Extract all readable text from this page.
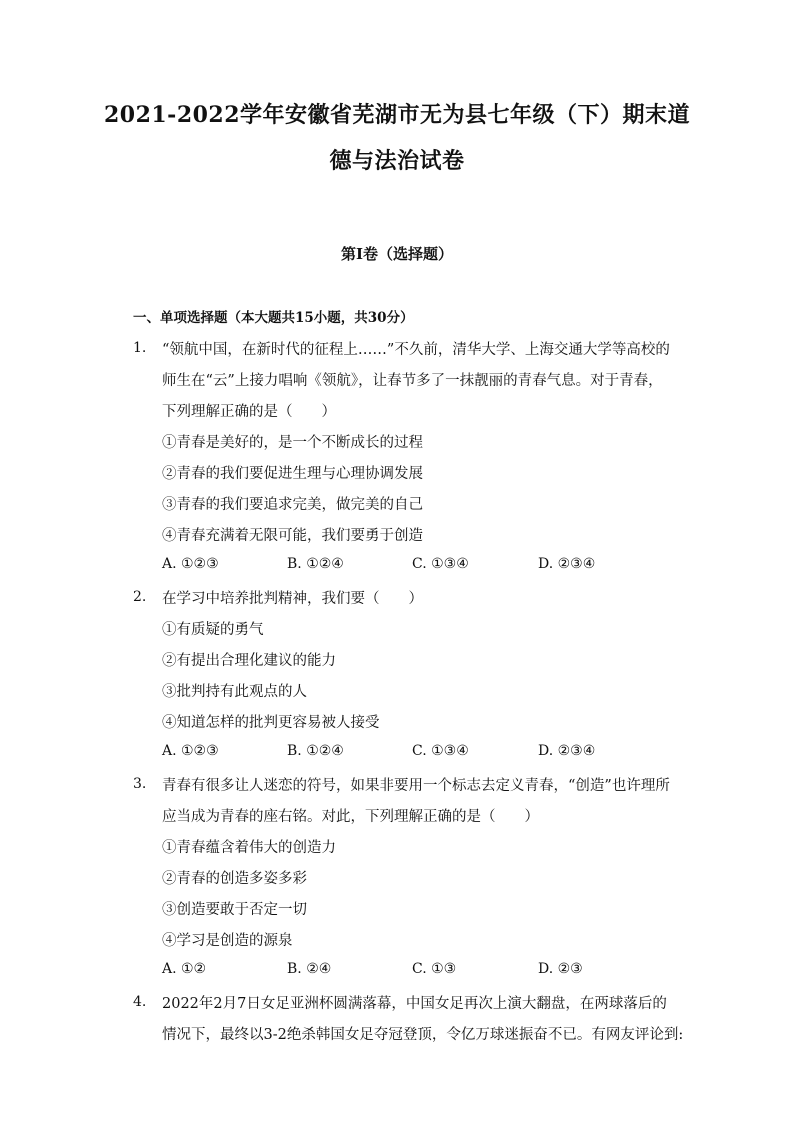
2021-2022学年安徽省芜湖市无为县七年级（下）期末道
德与法治试卷
第I卷（选择题）
一、单项选择题（本大题共15小题，共30分）
1. “领航中国，在新时代的征程上……”不久前，清华大学、上海交通大学等高校的
师生在“云”上接力唱响《领航》，让春节多了一抹靓丽的青春气息。对于青春，
下列理解正确的是（　　）
①青春是美好的，是一个不断成长的过程
②青春的我们要促进生理与心理协调发展
③青春的我们要追求完美，做完美的自己
④青春充满着无限可能，我们要勇于创造
A. ①②③	B. ①②④	C. ①③④	D. ②③④
2. 在学习中培养批判精神，我们要（　　）
①有质疑的勇气
②有提出合理化建议的能力
③批判持有此观点的人
④知道怎样的批判更容易被人接受
A. ①②③	B. ①②④	C. ①③④	D. ②③④
3. 青春有很多让人迷恋的符号，如果非要用一个标志去定义青春，“创造”也许理所
应当成为青春的座右铭。对此，下列理解正确的是（　　）
①青春蕴含着伟大的创造力
②青春的创造多姿多彩
③创造要敢于否定一切
④学习是创造的源泉
A. ①②	B. ②④	C. ①③	D. ②③
4. 2022年2月7日女足亚洲杯圆满落幕，中国女足再次上演大翻盘，在两球落后的
情况下，最终以3-2绝杀韩国女足夺冠登顶，令亿万球迷振奋不已。有网友评论到:
